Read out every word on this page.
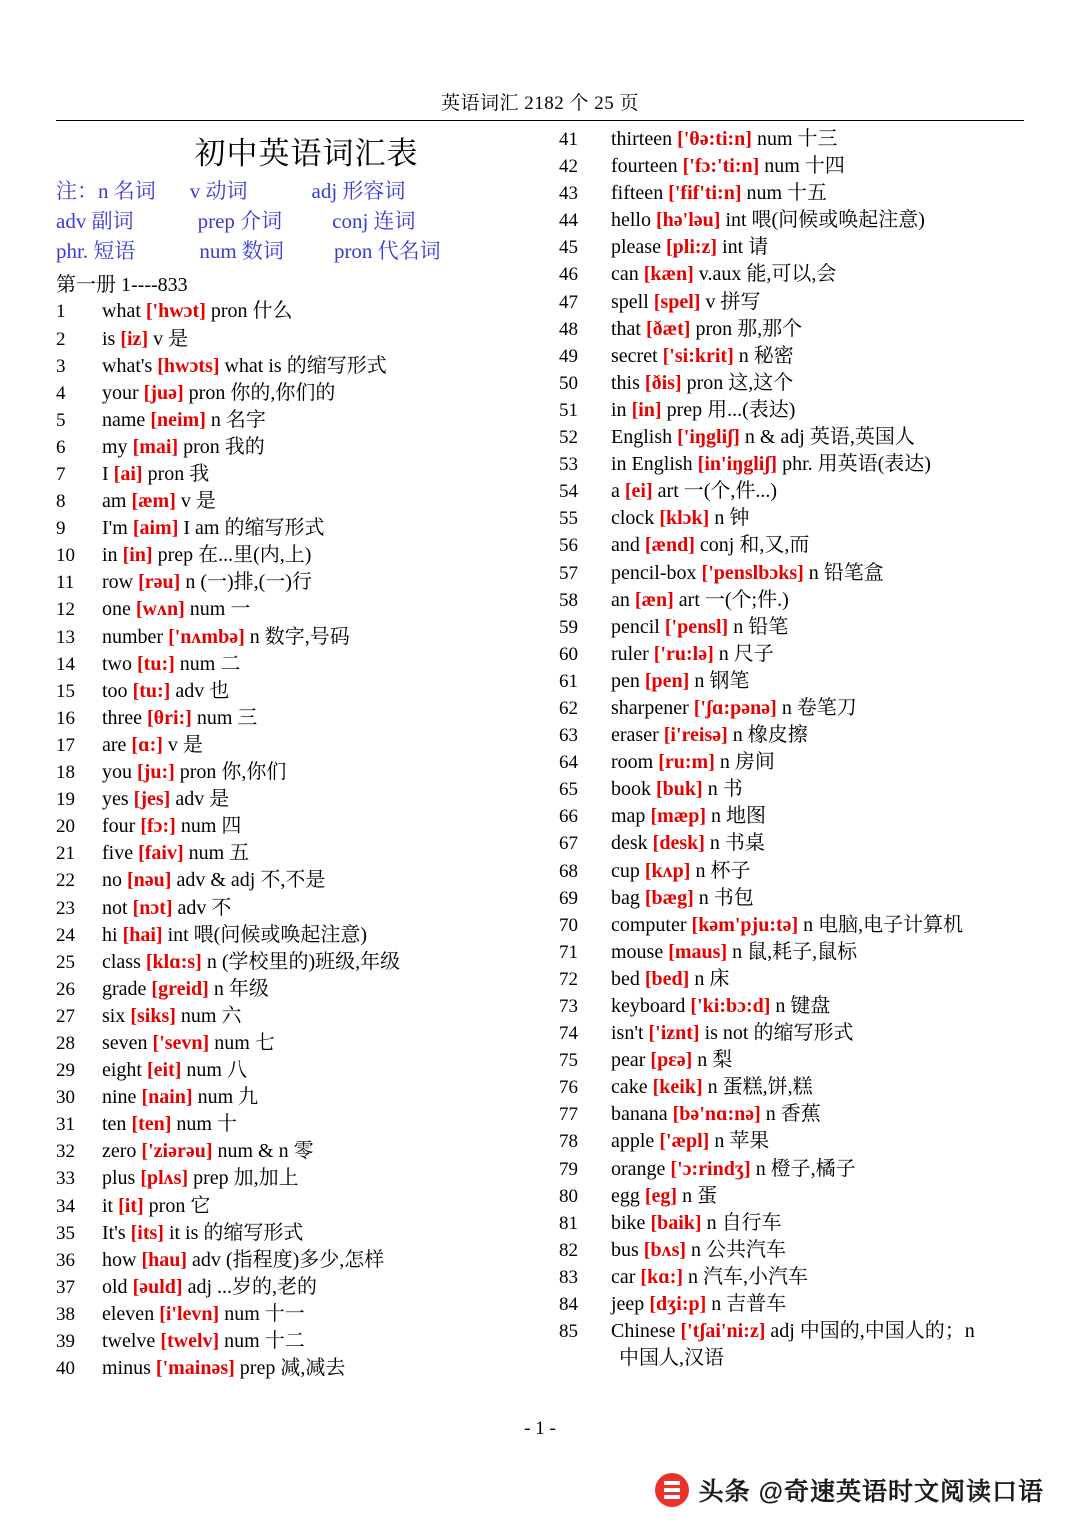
英语词汇 2182 个 25 页
初中英语词汇表
注：n 名词 v 动词	adj 形容词
adv 副词	prep 介词 conj 连词
phr. 短语	num 数词 pron 代名词
第一册 1----833
1	what ['hwɔt] pron 什么
2	is [iz] v 是
3	what's [hwɔts] what is 的缩写形式
4	your [juə] pron 你的,你们的
5	name [neim] n 名字
6	my [mai] pron 我的
7	I [ai] pron 我
8	am [æm] v 是
9	I'm [aim] I am 的缩写形式
10	in [in] prep 在...里(内,上)
11	row [rəu] n (一)排,(一)行
12	one [wʌn] num 一
13	number ['nʌmbə] n 数字,号码
14	two [tu:] num 二
15	too [tu:] adv 也
16	three [θri:] num 三
17	are [ɑ:] v 是
18	you [ju:] pron 你,你们
19	yes [jes] adv 是
20	four [fɔ:] num 四
21	five [faiv] num 五
22	no [nəu] adv & adj 不,不是
23	not [nɔt] adv 不
24	hi [hai] int 喂(问候或唤起注意)
25	class [klɑ:s] n (学校里的)班级,年级
26	grade [greid] n 年级
27	six [siks] num 六
28	seven ['sevn] num 七
29	eight [eit] num 八
30	nine [nain] num 九
31	ten [ten] num 十
32	zero ['ziərəu] num & n 零
33	plus [plʌs] prep 加,加上
34	it [it] pron 它
35	It's [its] it is 的缩写形式
36	how [hau] adv (指程度)多少,怎样
37	old [əuld] adj ...岁的,老的
38	eleven [i'levn] num 十一
39	twelve [twelv] num 十二
40	minus ['mainəs] prep 减,减去
41	thirteen ['θə:ti:n] num 十三
42	fourteen ['fɔ:'ti:n] num 十四
43	fifteen ['fif'ti:n] num 十五
44	hello [hə'ləu] int 喂(问候或唤起注意)
45	please [pli:z] int 请
46	can [kæn] v.aux 能,可以,会
47	spell [spel] v 拼写
48	that [ðæt] pron 那,那个
49	secret ['si:krit] n 秘密
50	this [ðis] pron 这,这个
51	in [in] prep 用...(表达)
52	English ['iŋgliʃ] n & adj 英语,英国人
53	in English [in'iŋgliʃ] phr. 用英语(表达)
54	a [ei] art 一(个,件...)
55	clock [klɔk] n 钟
56	and [ænd] conj 和,又,而
57	pencil-box ['penslbɔks] n 铅笔盒
58	an [æn] art 一(个;件.)
59	pencil ['pensl] n 铅笔
60	ruler ['ru:lə] n 尺子
61	pen [pen] n 钢笔
62	sharpener ['ʃɑ:pənə] n 卷笔刀
63	eraser [i'reisə] n 橡皮擦
64	room [ru:m] n 房间
65	book [buk] n 书
66	map [mæp] n 地图
67	desk [desk] n 书桌
68	cup [kʌp] n 杯子
69	bag [bæg] n 书包
70	computer [kəm'pju:tə] n 电脑,电子计算机
71	mouse [maus] n 鼠,耗子,鼠标
72	bed [bed] n 床
73	keyboard ['ki:bɔ:d] n 键盘
74	isn't ['iznt] is not 的缩写形式
75	pear [pɛə] n 梨
76	cake [keik] n 蛋糕,饼,糕
77	banana [bə'nɑ:nə] n 香蕉
78	apple ['æpl] n 苹果
79	orange ['ɔ:rindʒ] n 橙子,橘子
80	egg [eg] n 蛋
81	bike [baik] n 自行车
82	bus [bʌs] n 公共汽车
83	car [kɑ:] n 汽车,小汽车
84	jeep [dʒi:p] n 吉普车
85	Chinese ['tʃai'ni:z] adj 中国的,中国人的；n
中国人,汉语
- 1 -
头条 @奇速英语时文阅读口语
